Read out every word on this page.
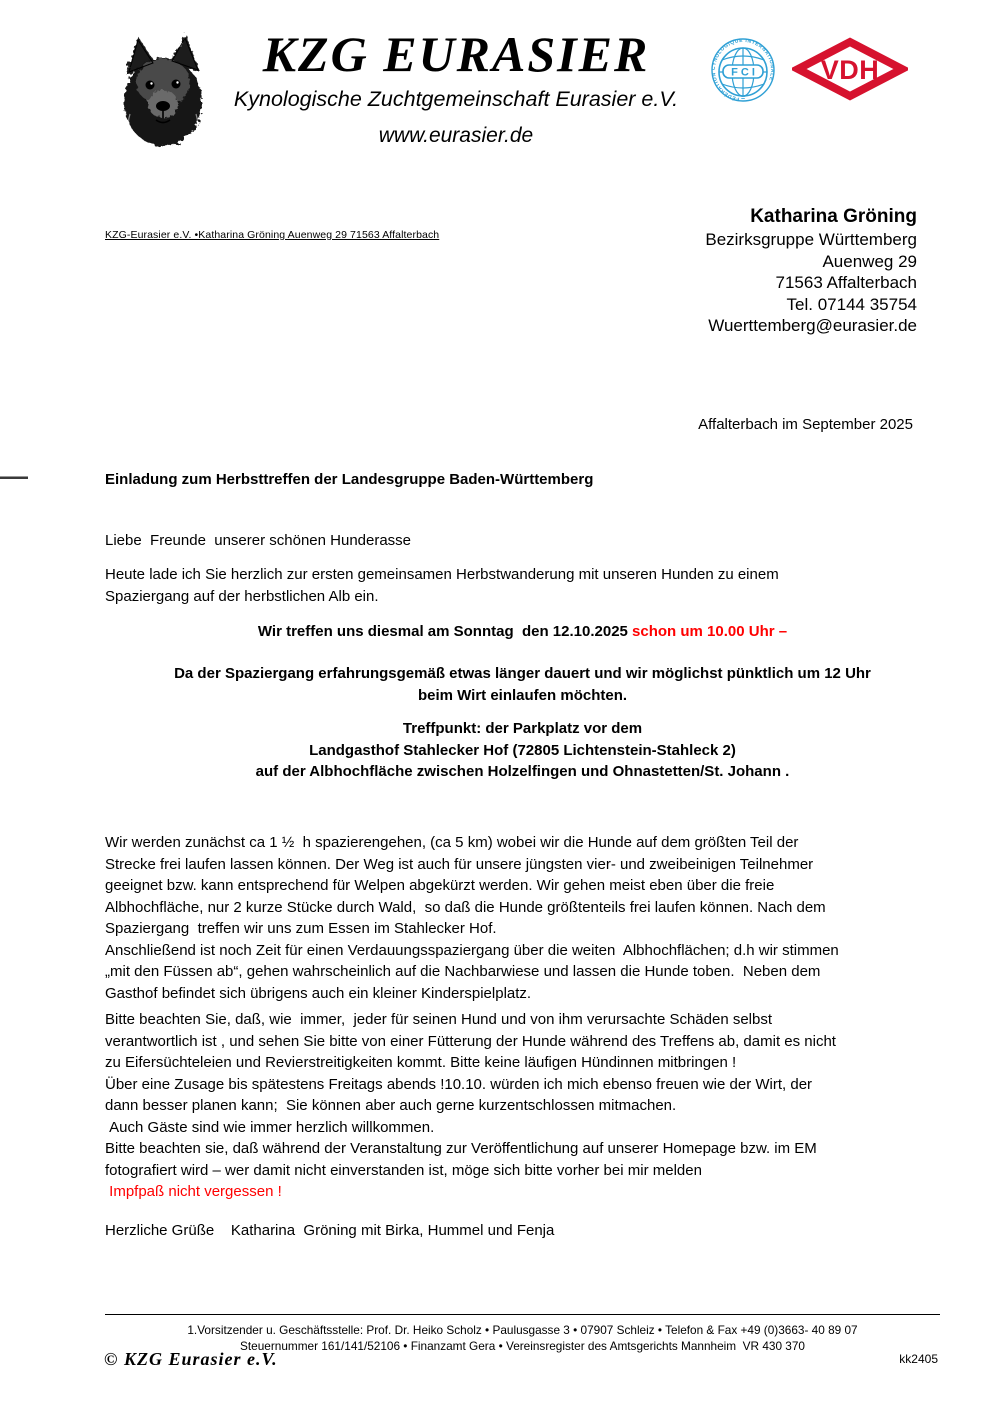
KZG EURASIER
Kynologische Zuchtgemeinschaft Eurasier e.V.
www.eurasier.de
FÉDÉRATION CYNOLOGIQUE INTERNATIONALE
F C I
=
VDH
KZG-Eurasier e.V. •Katharina Gröning Auenweg 29 71563 Affalterbach
Katharina Gröning
Bezirksgruppe Württemberg
Auenweg 29
71563 Affalterbach
Tel. 07144 35754
Wuerttemberg@eurasier.de
Affalterbach im September 2025
Einladung zum Herbsttreffen der Landesgruppe Baden-Württemberg
Liebe  Freunde  unserer schönen Hunderasse
Heute lade ich Sie herzlich zur ersten gemeinsamen Herbstwanderung mit unseren Hunden zu einem
Spaziergang auf der herbstlichen Alb ein.
Wir treffen uns diesmal am Sonntag  den 12.10.2025 schon um 10.00 Uhr –
Da der Spaziergang erfahrungsgemäß etwas länger dauert und wir möglichst pünktlich um 12 Uhr
beim Wirt einlaufen möchten.
Treffpunkt: der Parkplatz vor dem
Landgasthof Stahlecker Hof (72805 Lichtenstein-Stahleck 2)
auf der Albhochfläche zwischen Holzelfingen und Ohnastetten/St. Johann .
Wir werden zunächst ca 1 ½  h spazierengehen, (ca 5 km) wobei wir die Hunde auf dem größten Teil der
Strecke frei laufen lassen können. Der Weg ist auch für unsere jüngsten vier- und zweibeinigen Teilnehmer
geeignet bzw. kann entsprechend für Welpen abgekürzt werden. Wir gehen meist eben über die freie
Albhochfläche, nur 2 kurze Stücke durch Wald,  so daß die Hunde größtenteils frei laufen können. Nach dem
Spaziergang  treffen wir uns zum Essen im Stahlecker Hof.
Anschließend ist noch Zeit für einen Verdauungsspaziergang über die weiten  Albhochflächen; d.h wir stimmen
„mit den Füssen ab“, gehen wahrscheinlich auf die Nachbarwiese und lassen die Hunde toben.  Neben dem
Gasthof befindet sich übrigens auch ein kleiner Kinderspielplatz.
Bitte beachten Sie, daß, wie  immer,  jeder für seinen Hund und von ihm verursachte Schäden selbst
verantwortlich ist , und sehen Sie bitte von einer Fütterung der Hunde während des Treffens ab, damit es nicht
zu Eifersüchteleien und Revierstreitigkeiten kommt. Bitte keine läufigen Hündinnen mitbringen !
Über eine Zusage bis spätestens Freitags abends !10.10. würden ich mich ebenso freuen wie der Wirt, der
dann besser planen kann;  Sie können aber auch gerne kurzentschlossen mitmachen.
Auch Gäste sind wie immer herzlich willkommen.
Bitte beachten sie, daß während der Veranstaltung zur Veröffentlichung auf unserer Homepage bzw. im EM
fotografiert wird – wer damit nicht einverstanden ist, möge sich bitte vorher bei mir melden
Impfpaß nicht vergessen !
Herzliche Grüße    Katharina  Gröning mit Birka, Hummel und Fenja
1.Vorsitzender u. Geschäftsstelle: Prof. Dr. Heiko Scholz • Paulusgasse 3 • 07907 Schleiz • Telefon & Fax +49 (0)3663- 40 89 07
Steuernummer 161/141/52106 • Finanzamt Gera • Vereinsregister des Amtsgerichts Mannheim  VR 430 370
© KZG Eurasier e.V.	kk2405
